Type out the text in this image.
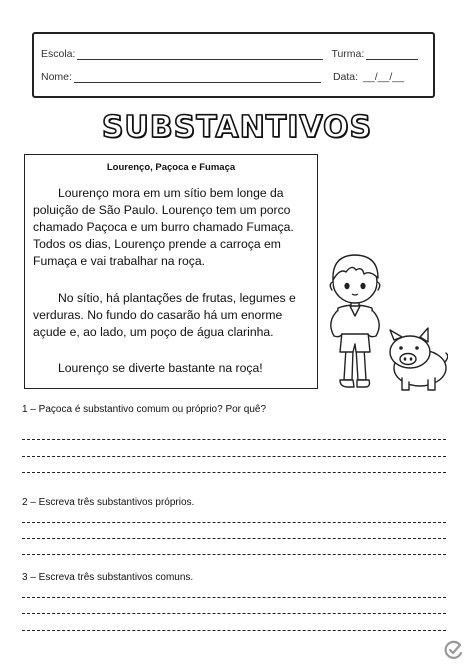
Escola:	Turma:
Nome:	Data: __/__/__
SUBSTANTIVOS
Lourenço, Paçoca e Fumaça
Lourenço mora em um sítio bem longe da poluição de São Paulo. Lourenço tem um porco chamado Paçoca e um burro chamado Fumaça. Todos os dias, Lourenço prende a carroça em Fumaça e vai trabalhar na roça.
No sítio, há plantações de frutas, legumes e verduras. No fundo do casarão há um enorme açude e, ao lado, um poço de água clarinha.
Lourenço se diverte bastante na roça!
1 – Paçoca é substantivo comum ou próprio? Por quê?
2 – Escreva três substantivos próprios.
3 – Escreva três substantivos comuns.
